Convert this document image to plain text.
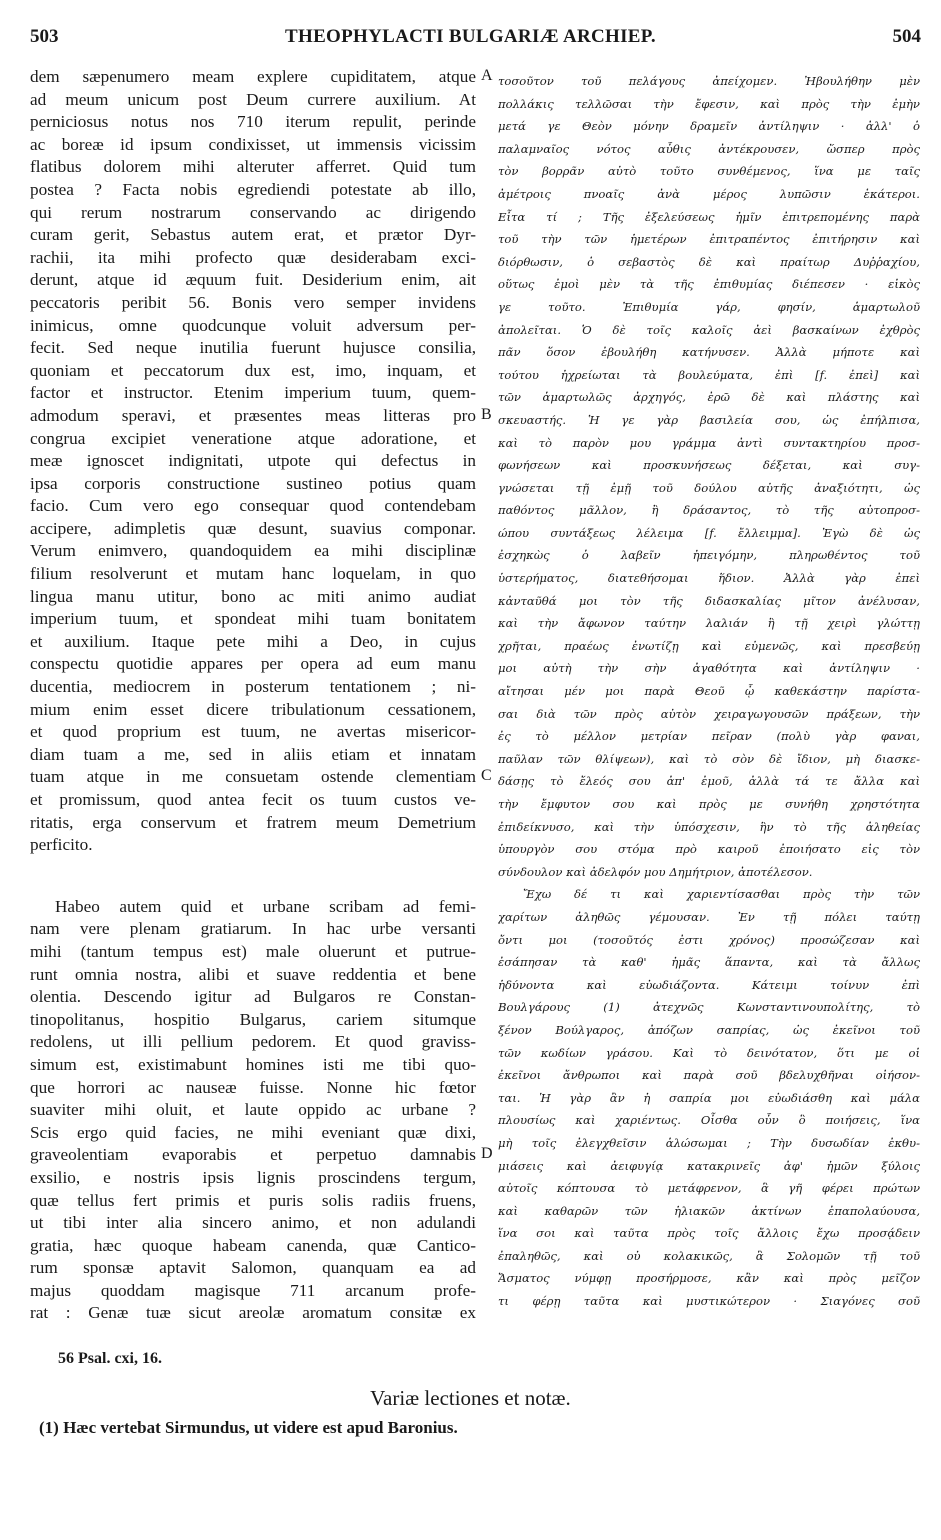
503	THEOPHYLACTI BULGARIÆ ARCHIEP.	504
dem sæpenumero meam explere cupiditatem, atque
ad meum unicum post Deum currere auxilium. At
perniciosus notus nos 710 iterum repulit, perinde
ac boreæ id ipsum condixisset, ut immensis vicissim
flatibus dolorem mihi alteruter afferret. Quid tum
postea ? Facta nobis egrediendi potestate ab illo,
qui rerum nostrarum conservando ac dirigendo
curam gerit, Sebastus autem erat, et prætor Dyr-
rachii, ita mihi profecto quæ desiderabam exci-
derunt, atque id æquum fuit. Desiderium enim, ait
peccatoris peribit 56. Bonis vero semper invidens
inimicus, omne quodcunque voluit adversum per-
fecit. Sed neque inutilia fuerunt hujusce consilia,
quoniam et peccatorum dux est, imo, inquam, et
factor et instructor. Etenim imperium tuum, quem-
admodum speravi, et præsentes meas litteras pro
congrua excipiet veneratione atque adoratione, et
meæ ignoscet indignitati, utpote qui defectus in
ipsa corporis constructione sustineo potius quam
facio. Cum vero ego consequar quod contendebam
accipere, adimpletis quæ desunt, suavius componar.
Verum enimvero, quandoquidem ea mihi disciplinæ
filium resolverunt et mutam hanc loquelam, in quo
lingua manu utitur, bono ac miti animo audiat
imperium tuum, et spondeat mihi tuam bonitatem
et auxilium. Itaque pete mihi a Deo, in cujus
conspectu quotidie appares per opera ad eum manu
ducentia, mediocrem in posterum tentationem ; ni-
mium enim esset dicere tribulationum cessationem,
et quod proprium est tuum, ne avertas misericor-
diam tuam a me, sed in aliis etiam et innatam
tuam atque in me consuetam ostende clementiam
et promissum, quod antea fecit os tuum custos ve-
ritatis, erga conservum et fratrem meum Demetrium
perficito.
Habeo autem quid et urbane scribam ad femi-
nam vere plenam gratiarum. In hac urbe versanti
mihi (tantum tempus est) male oluerunt et putrue-
runt omnia nostra, alibi et suave reddentia et bene
olentia. Descendo igitur ad Bulgaros re Constan-
tinopolitanus, hospitio Bulgarus, cariem situmque
redolens, ut illi pellium pedorem. Et quod graviss-
simum est, existimabunt homines isti me tibi quo-
que horrori ac nauseæ fuisse. Nonne hic fœtor
suaviter mihi oluit, et laute oppido ac urbane ?
Scis ergo quid facies, ne mihi eveniant quæ dixi,
graveolentiam evaporabis et perpetuo damnabis
exsilio, e nostris ipsis lignis proscindens tergum,
quæ tellus fert primis et puris solis radiis fruens,
ut tibi inter alia sincero animo, et non adulandi
gratia, hæc quoque habeam canenda, quæ Cantico-
rum sponsæ aptavit Salomon, quanquam ea ad
majus quoddam magisque 711 arcanum profe-
rat : Genæ tuæ sicut areolæ aromatum consitæ ex
τοσοῦτον τοῦ πελάγους ἀπείχομεν. Ἠβουλήθην μὲν
πολλάκις τελλῶσαι τὴν ἔφεσιν, καὶ πρὸς τὴν ἐμὴν
μετά γε Θεὸν μόνην δραμεῖν ἀντίληψιν · ἀλλ' ὁ
παλαμναῖος νότος αὖθις ἀντέκρουσεν, ὥσπερ πρὸς
τὸν βορρᾶν αὐτὸ τοῦτο συνθέμενος, ἵνα με ταῖς
ἀμέτροις πνοαῖς ἀνὰ μέρος λυπῶσιν ἑκάτεροι.
Εἶτα τί ; Τῆς ἐξελεύσεως ἡμῖν ἐπιτρεπομένης παρὰ
τοῦ τὴν τῶν ἡμετέρων ἐπιτραπέντος ἐπιτήρησιν καὶ
διόρθωσιν, ὁ σεβαστὸς δὲ καὶ πραίτωρ Δυῤῥαχίου,
οὕτως ἐμοὶ μὲν τὰ τῆς ἐπιθυμίας διέπεσεν · εἰκὸς
γε τοῦτο. Ἐπιθυμία γάρ, φησίν, ἁμαρτωλοῦ
ἀπολεῖται. Ὁ δὲ τοῖς καλοῖς ἀεὶ βασκαίνων ἐχθρὸς
πᾶν ὅσον ἐβουλήθη κατήνυσεν. Ἀλλὰ μήποτε καὶ
τούτου ἠχρείωται τὰ βουλεύματα, ἐπὶ [f. ἐπεὶ] καὶ
τῶν ἁμαρτωλῶς ἀρχηγός, ἐρῶ δὲ καὶ πλάστης καὶ
σκευαστής. Ἡ γε γὰρ βασιλεία σου, ὡς ἐπήλπισα,
καὶ τὸ παρὸν μου γράμμα ἀντὶ συντακτηρίου προσ-
φωνήσεων καὶ προσκυνήσεως δέξεται, καὶ συγ-
γνώσεται τῇ ἐμῇ τοῦ δούλου αὐτῆς ἀναξιότητι, ὡς
παθόντος μᾶλλον, ἢ δράσαντος, τὸ τῆς αὐτοπροσ-
ώπου συντάξεως λέλειμα [f. ἔλλειμμα]. Ἐγὼ δὲ ὡς
ἐσχηκὼς ὁ λαβεῖν ἠπειγόμην, πληρωθέντος τοῦ
ὑστερήματος, διατεθήσομαι ἥδιον. Ἀλλὰ γὰρ ἐπεὶ
κἀνταῦθά μοι τὸν τῆς διδασκαλίας μῖτον ἀνέλυσαν,
καὶ τὴν ἄφωνον ταύτην λαλιάν ἣ τῇ χειρὶ γλώττῃ
χρῆται, πραέως ἐνωτίζῃ καὶ εὐμενῶς, καὶ πρεσβεύῃ
μοι αὐτὴ τὴν σὴν ἀγαθότητα καὶ ἀντίληψιν ·
αἴτησαι μέν μοι παρὰ Θεοῦ ᾧ καθεκάστην παρίστα-
σαι διὰ τῶν πρὸς αὐτὸν χειραγωγουσῶν πράξεων, τὴν
ἐς τὸ μέλλον μετρίαν πεῖραν (πολὺ γὰρ φαναι,
παῦλαν τῶν θλίψεων), καὶ τὸ σὸν δὲ ἴδιον, μὴ διασκε-
δάσῃς τὸ ἔλεός σου ἀπ' ἐμοῦ, ἀλλὰ τά τε ἄλλα καὶ
τὴν ἔμφυτον σου καὶ πρὸς με συνήθη χρηστότητα
ἐπιδείκνυσο, καὶ τὴν ὑπόσχεσιν, ἣν τὸ τῆς ἀληθείας
ὑπουργὸν σου στόμα πρὸ καιροῦ ἐποιήσατο εἰς τὸν
σύνδουλον καὶ ἀδελφόν μου Δημήτριον, ἀποτέλεσον.
Ἔχω δέ τι καὶ χαριεντίσασθαι πρὸς τὴν τῶν
χαρίτων ἀληθῶς γέμουσαν. Ἐν τῇ πόλει ταύτῃ
ὄντι μοι (τοσοῦτός ἐστι χρόνος) προσώζεσαν καὶ
ἐσάπησαν τὰ καθ' ἡμᾶς ἅπαντα, καὶ τὰ ἄλλως
ἡδύνοντα καὶ εὐωδιάζοντα. Κάτειμι τοίνυν ἐπὶ
Βουλγάρους (1) ἀτεχνῶς Κωνσταντινουπολίτης, τὸ
ξένον Βούλγαρος, ἀπόζων σαπρίας, ὡς ἐκεῖνοι τοῦ
τῶν κωδίων γράσου. Καὶ τὸ δεινότατον, ὅτι με οἱ
ἐκεῖνοι ἄνθρωποι καὶ παρὰ σοῦ βδελυχθῆναι οἰήσον-
ται. Ἡ γὰρ ἂν ἡ σαπρία μοι εὐωδιάσθη καὶ μάλα
πλουσίως καὶ χαριέντως. Οἶσθα οὖν ὃ ποιήσεις, ἵνα
μὴ τοῖς ἐλεγχθεῖσιν ἁλώσωμαι ; Τὴν δυσωδίαν ἐκθυ-
μιάσεις καὶ ἀειφυγίᾳ κατακρινεῖς ἀφ' ἡμῶν ξύλοις
αὐτοῖς κόπτουσα τὸ μετάφρενον, ἃ γῆ φέρει πρώτων
καὶ καθαρῶν τῶν ἡλιακῶν ἀκτίνων ἐπαπολαύουσα,
ἵνα σοι καὶ ταῦτα πρὸς τοῖς ἄλλοις ἔχω προσᾴδειν
ἐπαληθῶς, καὶ οὐ κολακικῶς, ἃ Σολομῶν τῇ τοῦ
Ἄσματος νύμφῃ προσήρμοσε, κἂν καὶ πρὸς μεῖζον
τι φέρῃ ταῦτα καὶ μυστικώτερον · Σιαγόνες σοῦ
A
B
C
D
56 Psal. cxi, 16.
Variæ lectiones et notæ.
(1) Hæc vertebat Sirmundus, ut videre est apud Baronius.
